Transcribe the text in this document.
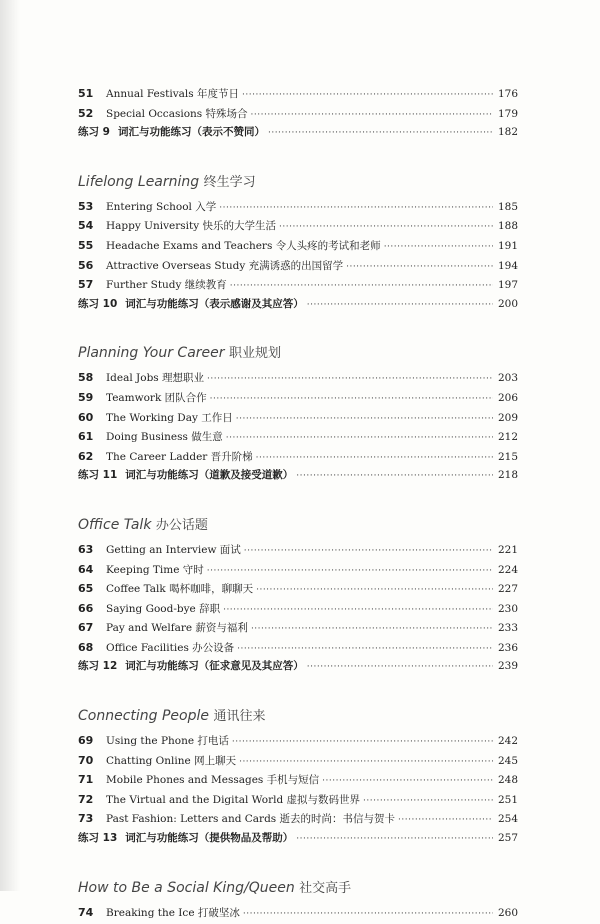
51	Annual Festivals 年度节日 ·····	176
52	Special Occasions 特殊场合 ·····	179
练习 9 词汇与功能练习（表示不赞同） ·····	182
Lifelong Learning 终生学习
53	Entering School 入学 ·····	185
54	Happy University 快乐的大学生活 ·····	188
55	Headache Exams and Teachers 令人头疼的考试和老师 ·····	191
56	Attractive Overseas Study 充满诱惑的出国留学 ·····	194
57	Further Study 继续教育 ·····	197
练习 10 词汇与功能练习（表示感谢及其应答） ·····	200
Planning Your Career 职业规划
58	Ideal Jobs 理想职业 ·····	203
59	Teamwork 团队合作 ·····	206
60	The Working Day 工作日 ·····	209
61	Doing Business 做生意 ·····	212
62	The Career Ladder 晋升阶梯 ·····	215
练习 11 词汇与功能练习（道歉及接受道歉） ·····	218
Office Talk 办公话题
63	Getting an Interview 面试 ·····	221
64	Keeping Time 守时 ·····	224
65	Coffee Talk 喝杯咖啡，聊聊天 ·····	227
66	Saying Good-bye 辞职 ·····	230
67	Pay and Welfare 薪资与福利 ·····	233
68	Office Facilities 办公设备 ·····	236
练习 12 词汇与功能练习（征求意见及其应答） ·····	239
Connecting People 通讯往来
69	Using the Phone 打电话 ·····	242
70	Chatting Online 网上聊天 ·····	245
71	Mobile Phones and Messages 手机与短信 ·····	248
72	The Virtual and the Digital World 虚拟与数码世界 ·····	251
73	Past Fashion: Letters and Cards 逝去的时尚：书信与贺卡 ·····	254
练习 13 词汇与功能练习（提供物品及帮助） ·····	257
How to Be a Social King/Queen 社交高手
74	Breaking the Ice 打破坚冰 ·····	260
